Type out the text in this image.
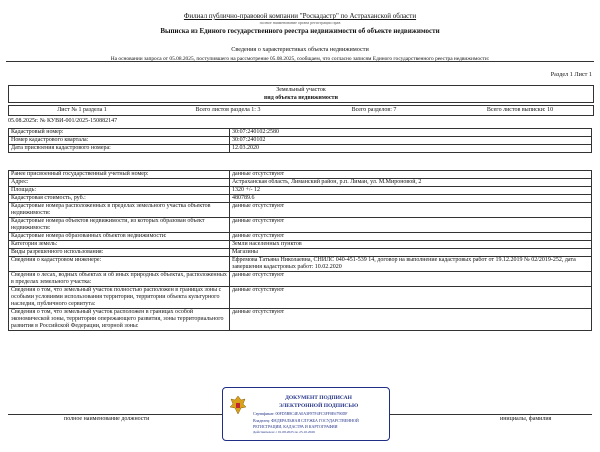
Филиал публично-правовой компании "Роскадастр" по Астраханской области
полное наименование органа регистрации прав
Выписка из Единого государственного реестра недвижимости об объекте недвижимости
Сведения о характеристиках объекта недвижимости
На основании запроса от 05.08.2025, поступившего на рассмотрение 05.08.2025, сообщаем, что согласно записям Единого государственного реестра недвижимости:
Раздел 1 Лист 1
Земельный участок
вид объекта недвижимости
Лист № 1 раздела 1	Всего листов раздела 1: 3	Всего разделов: 7	Всего листов выписки: 10
05.08.2025г. № КУВИ-001/2025-150882147
Кадастровый номер:	30:07:240102:2580
Номер кадастрового квартала:	30:07:240102
Дата присвоения кадастрового номера:	12.03.2020
Ранее присвоенный государственный учетный номер:	данные отсутствуют
Адрес:	Астраханская область, Лиманский район, р.п. Лиман, ул. М.Мироновой, 2
Площадь:	1320 +/- 12
Кадастровая стоимость, руб.:	480789.6
Кадастровые номера расположенных в пределах земельного участка объектов недвижимости:	данные отсутствуют
Кадастровые номера объектов недвижимости, из которых образован объект недвижимости:	данные отсутствуют
Кадастровые номера образованных объектов недвижимости:	данные отсутствуют
Категория земель:	Земли населенных пунктов
Виды разрешенного использования:	Магазины
Сведения о кадастровом инженере:	Ефремова Татьяна Николаевна, СНИЛС 040-451-539 14, договор на выполнение кадастровых работ от 19.12.2019 № 02/2019-252, дата завершения кадастровых работ: 10.02.2020
Сведения о лесах, водных объектах и об иных природных объектах, расположенных в пределах земельного участка:	данные отсутствуют
Сведения о том, что земельный участок полностью расположен в границах зоны с особыми условиями использования территории, территории объекта культурного наследия, публичного сервитута:	данные отсутствуют
Сведения о том, что земельный участок расположен в границах особой экономической зоны, территории опережающего развития, зоны территориального развития в Российской Федерации, игорной зоны:	данные отсутствуют
полное наименование должности	инициалы, фамилия
ДОКУМЕНТ ПОДПИСАН
ЭЛЕКТРОННОЙ ПОДПИСЬЮ
Сертификат: 00FD5B8C4EA0A3F87F4FC3FF0E6790DF
Владелец: ФЕДЕРАЛЬНАЯ СЛУЖБА ГОСУДАРСТВЕННОЙ
РЕГИСТРАЦИИ, КАДАСТРА И КАРТОГРАФИИ
Действителен: с 01.08.2025 по 25.10.2026
